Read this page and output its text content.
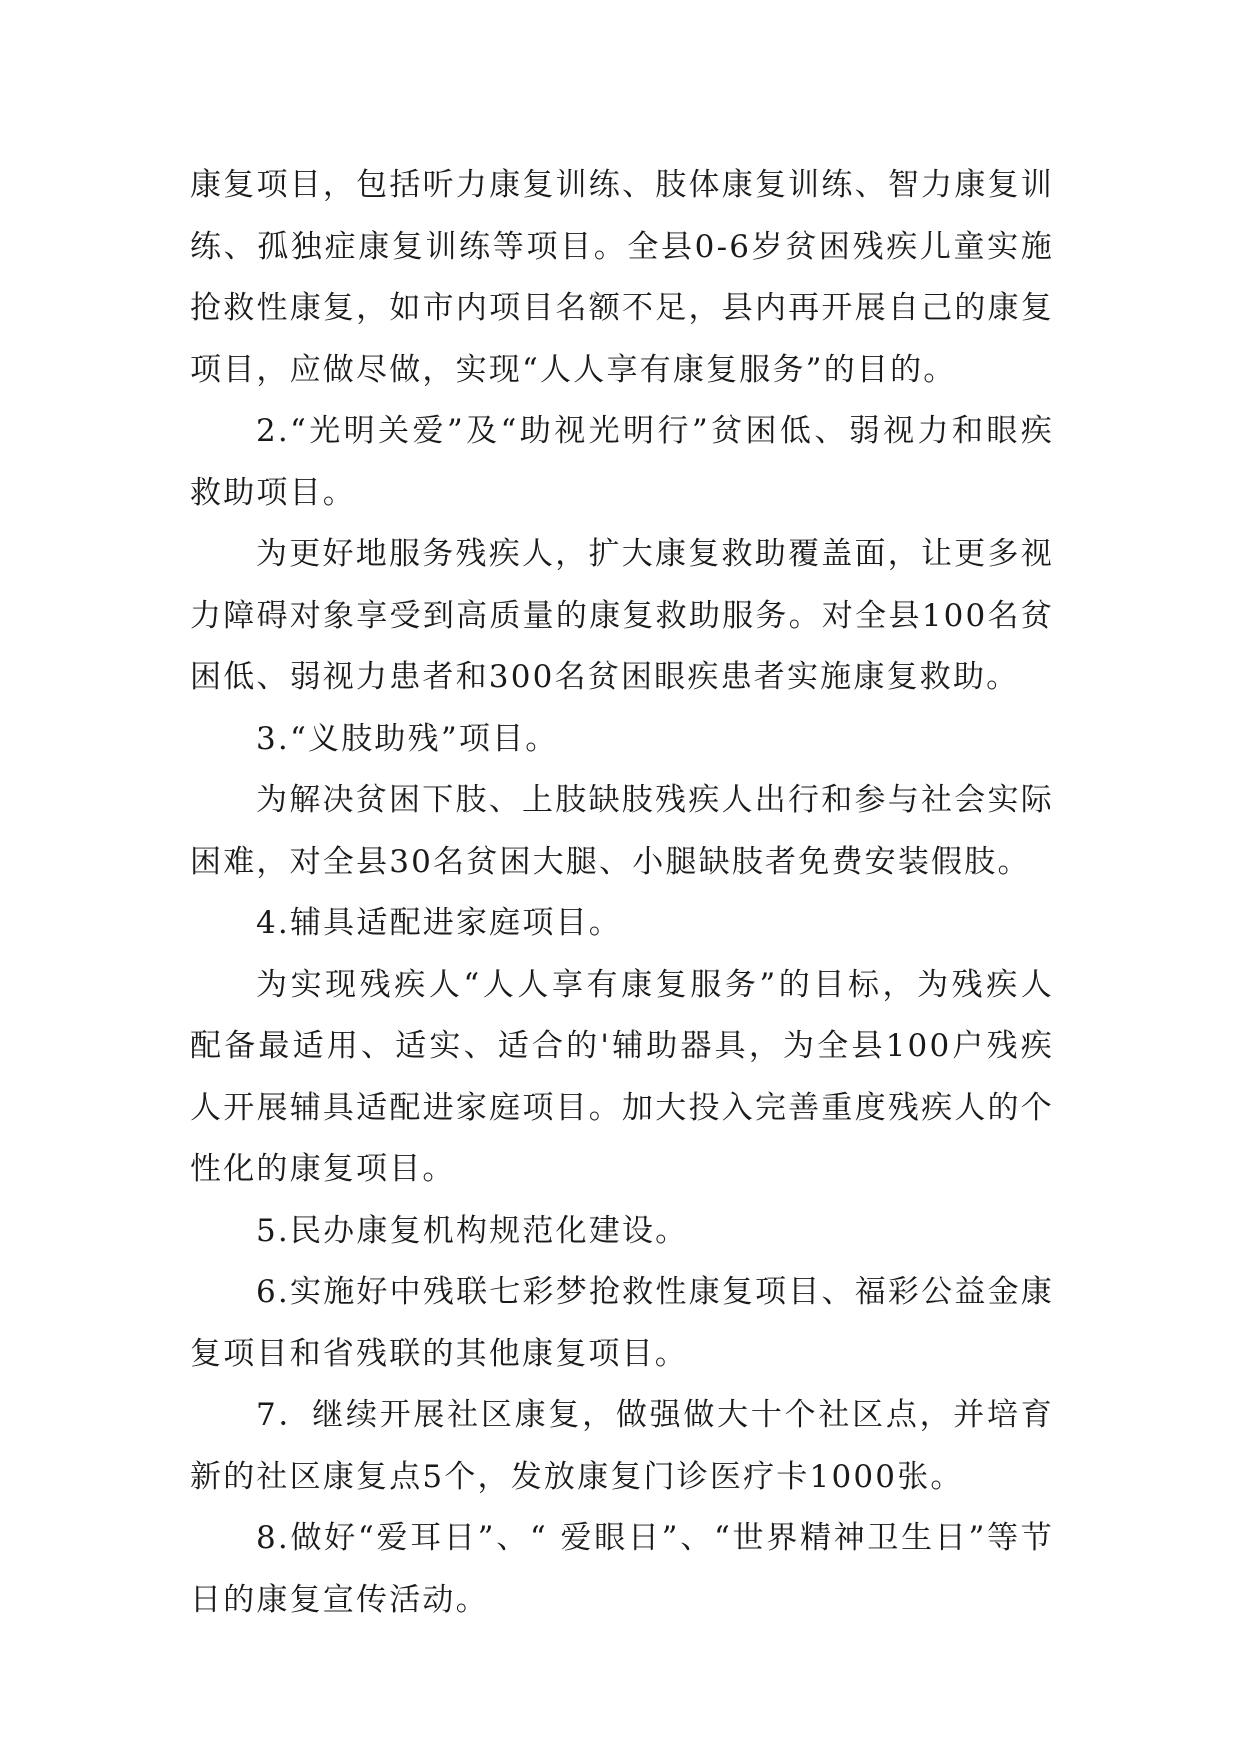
康复项目，包括听力康复训练、肢体康复训练、智力康复训练、孤独症康复训练等项目。全县0-6岁贫困残疾儿童实施抢救性康复，如市内项目名额不足，县内再开展自己的康复项目，应做尽做，实现“人人享有康复服务”的目的。

2.“光明关爱”及“助视光明行”贫困低、弱视力和眼疾救助项目。

为更好地服务残疾人，扩大康复救助覆盖面，让更多视力障碍对象享受到高质量的康复救助服务。对全县100名贫困低、弱视力患者和300名贫困眼疾患者实施康复救助。

3.“义肢助残”项目。

为解决贫困下肢、上肢缺肢残疾人出行和参与社会实际困难，对全县30名贫困大腿、小腿缺肢者免费安装假肢。

4.辅具适配进家庭项目。

为实现残疾人“人人享有康复服务”的目标，为残疾人配备最适用、适实、适合的'辅助器具，为全县100户残疾人开展辅具适配进家庭项目。加大投入完善重度残疾人的个性化的康复项目。

5.民办康复机构规范化建设。

6.实施好中残联七彩梦抢救性康复项目、福彩公益金康复项目和省残联的其他康复项目。

7．继续开展社区康复，做强做大十个社区点，并培育新的社区康复点5个，发放康复门诊医疗卡1000张。

8.做好“爱耳日”、“ 爱眼日”、“世界精神卫生日”等节日的康复宣传活动。
